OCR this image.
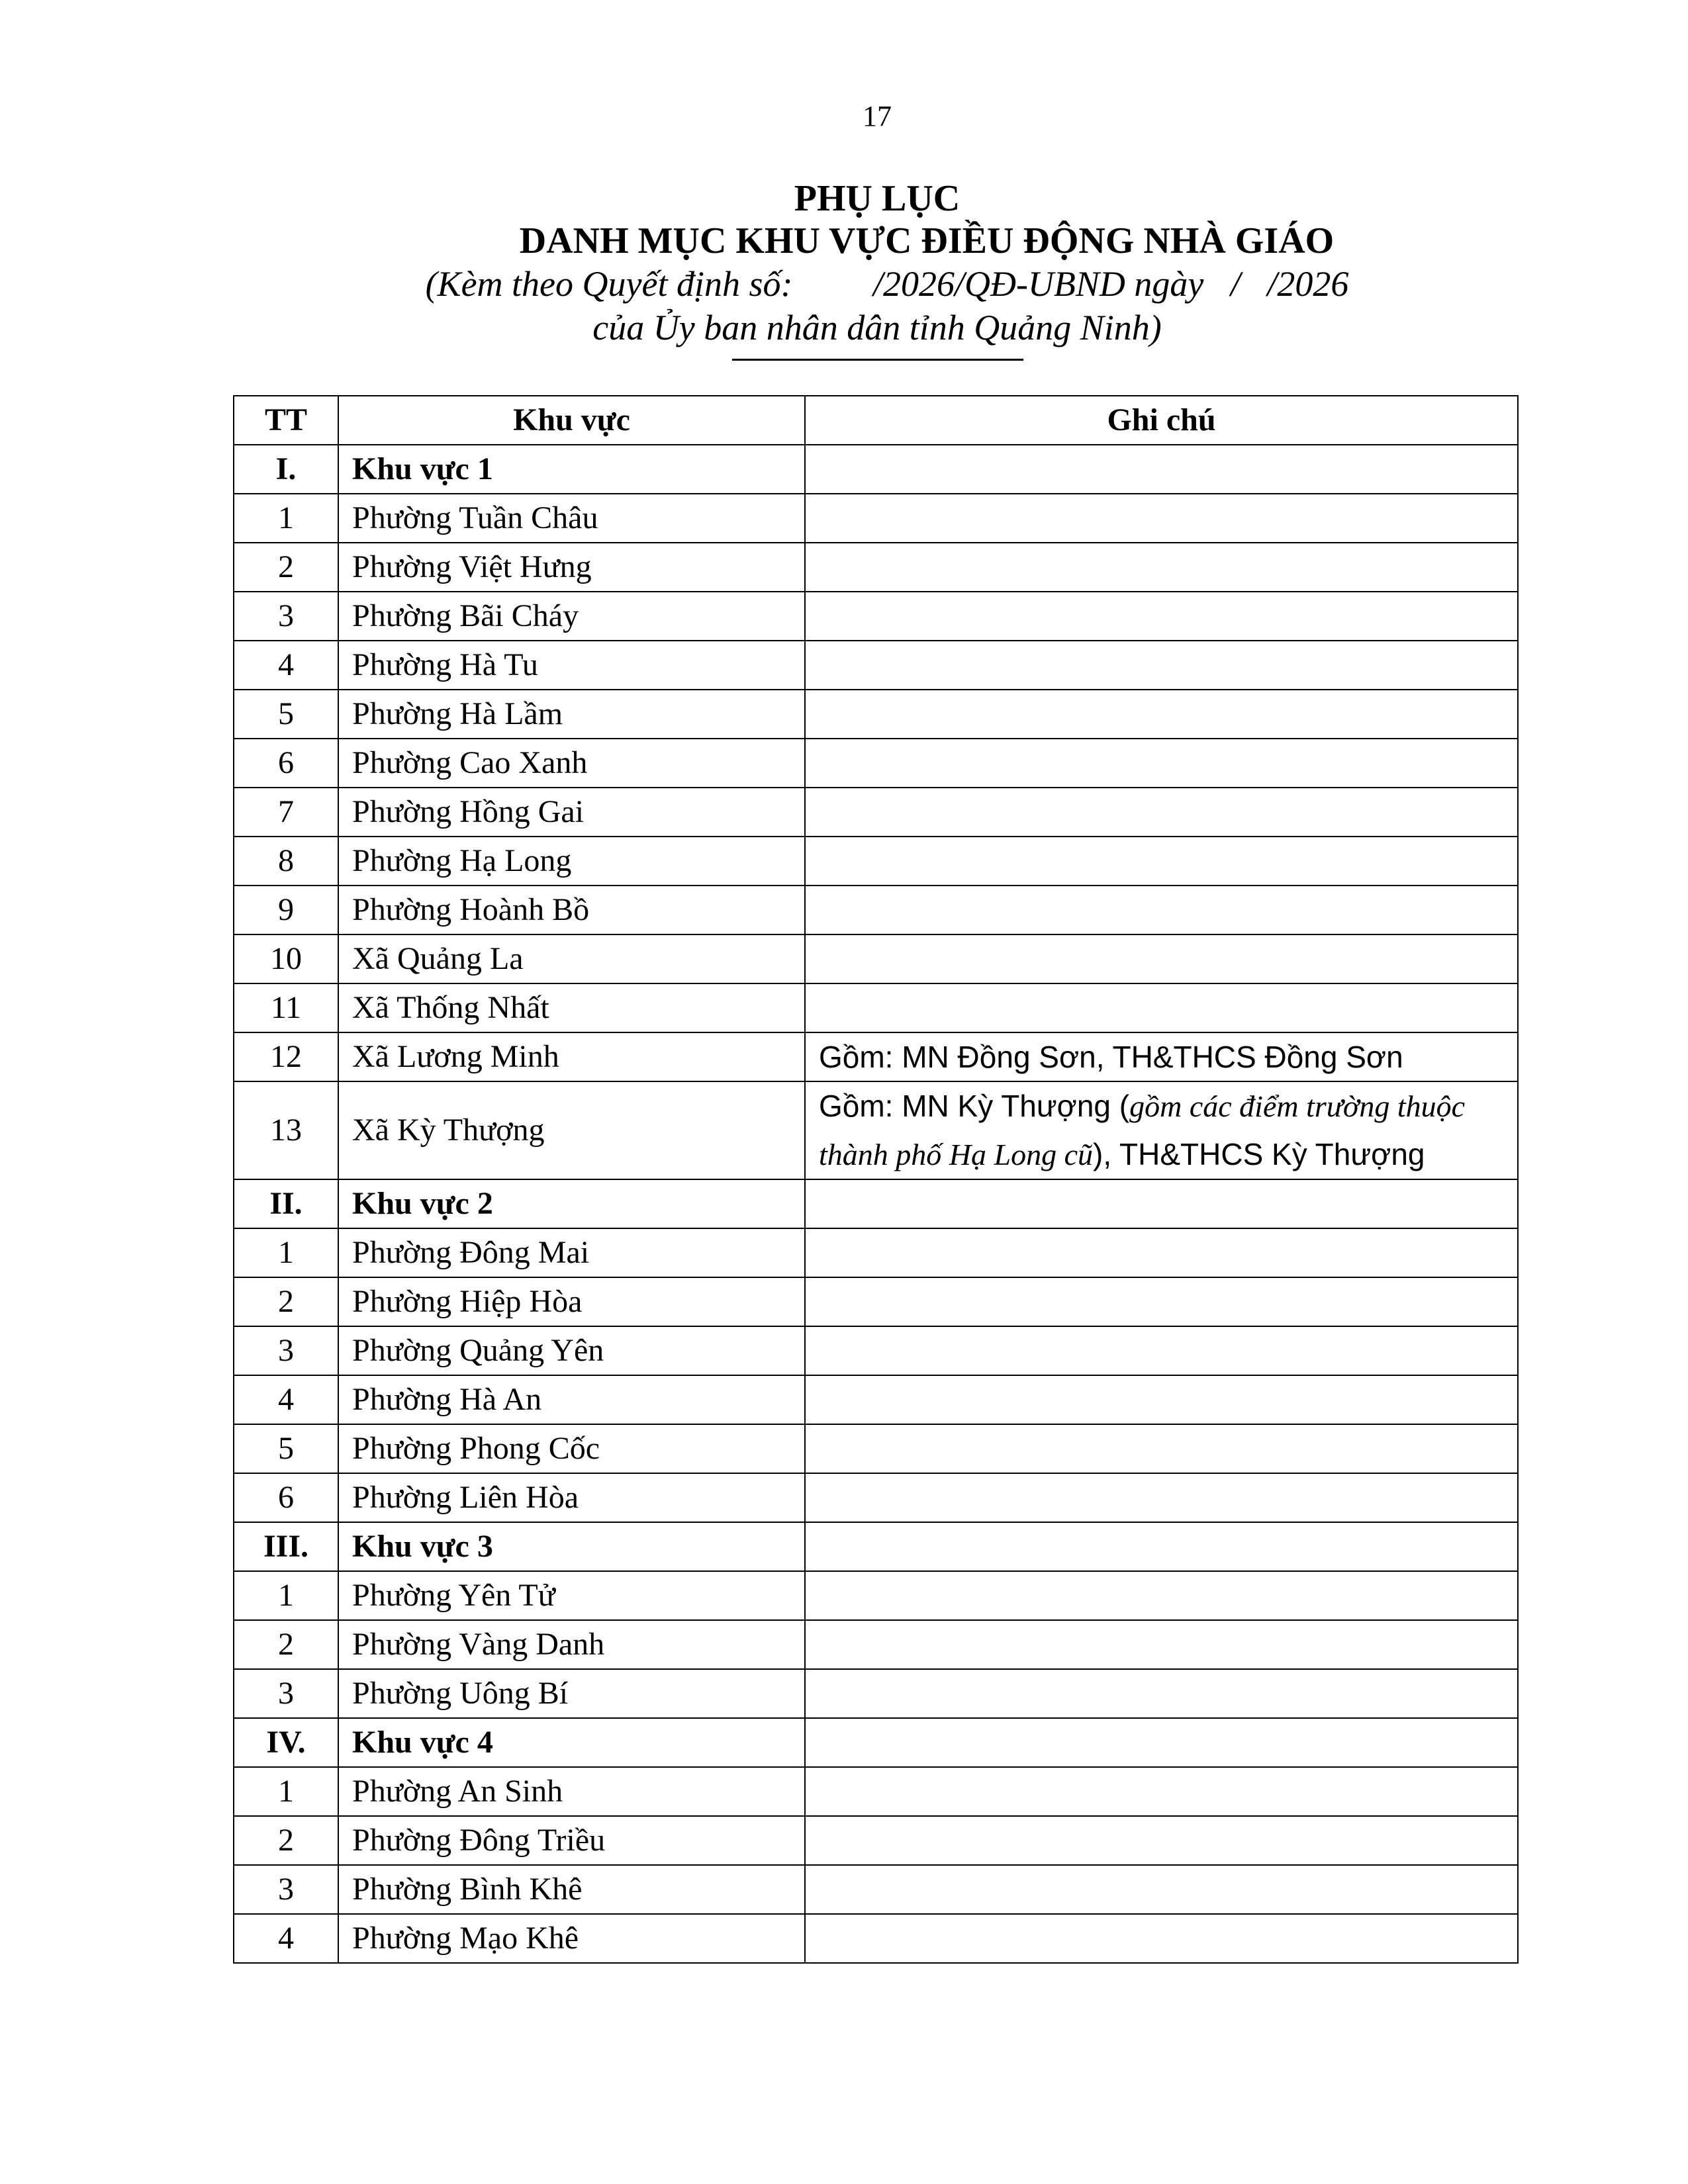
17
PHỤ LỤC
DANH MỤC KHU VỰC ĐIỀU ĐỘNG NHÀ GIÁO
(Kèm theo Quyết định số:         /2026/QĐ-UBND ngày   /   /2026
của Ủy ban nhân dân tỉnh Quảng Ninh)
TT	Khu vực	Ghi chú
I.	Khu vực 1	
1	Phường Tuần Châu	
2	Phường Việt Hưng	
3	Phường Bãi Cháy	
4	Phường Hà Tu	
5	Phường Hà Lầm	
6	Phường Cao Xanh	
7	Phường Hồng Gai	
8	Phường Hạ Long	
9	Phường Hoành Bồ	
10	Xã Quảng La	
11	Xã Thống Nhất	
12	Xã Lương Minh	Gồm: MN Đồng Sơn, TH&THCS Đồng Sơn
13	Xã Kỳ Thượng	Gồm: MN Kỳ Thượng (gồm các điểm trường thuộc thành phố Hạ Long cũ), TH&THCS Kỳ Thượng
II.	Khu vực 2	
1	Phường Đông Mai	
2	Phường Hiệp Hòa	
3	Phường Quảng Yên	
4	Phường Hà An	
5	Phường Phong Cốc	
6	Phường Liên Hòa	
III.	Khu vực 3	
1	Phường Yên Tử	
2	Phường Vàng Danh	
3	Phường Uông Bí	
IV.	Khu vực 4	
1	Phường An Sinh	
2	Phường Đông Triều	
3	Phường Bình Khê	
4	Phường Mạo Khê	
